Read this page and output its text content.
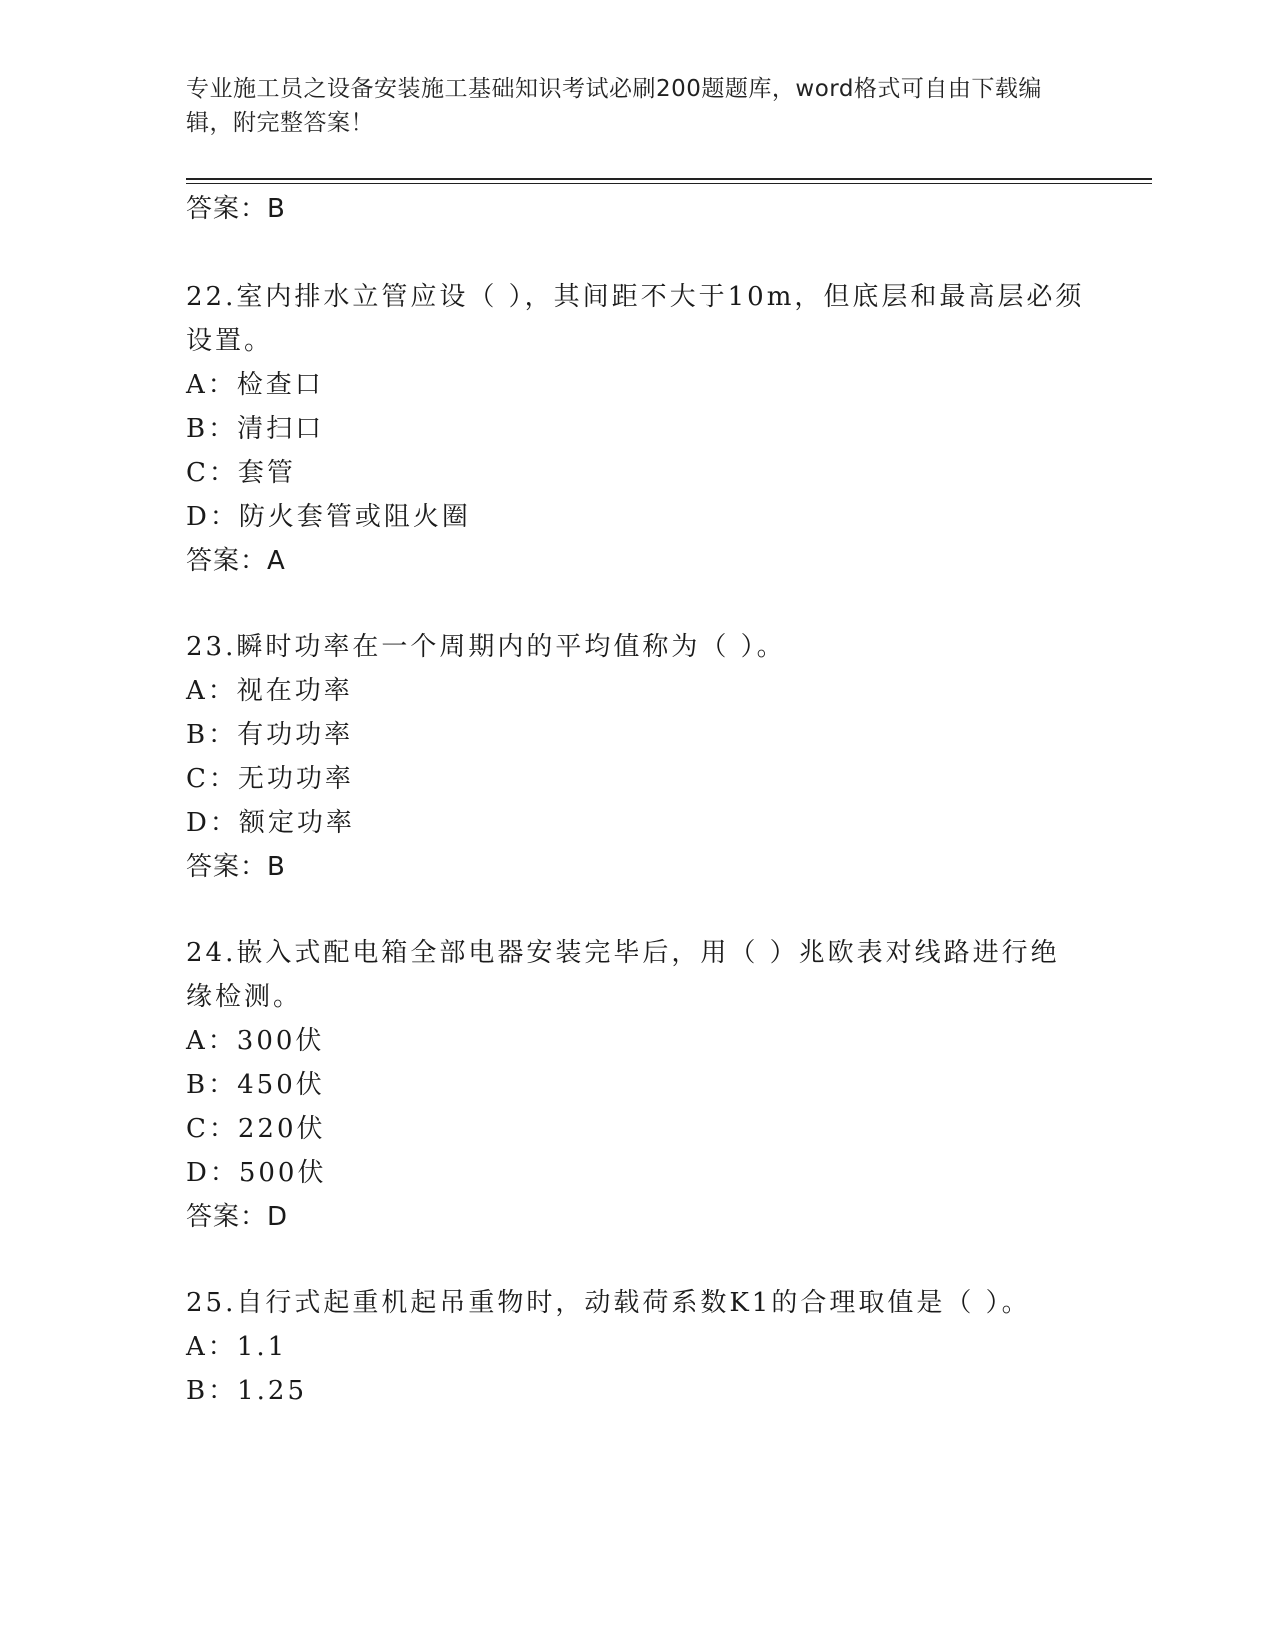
专业施工员之设备安装施工基础知识考试必刷200题题库，word格式可自由下载编辑，附完整答案！
答案：B
22.室内排水立管应设（ ），其间距不大于10m，但底层和最高层必须
设置。
A：检查口
B：清扫口
C：套管
D：防火套管或阻火圈
答案：A
23.瞬时功率在一个周期内的平均值称为（ ）。
A：视在功率
B：有功功率
C：无功功率
D：额定功率
答案：B
24.嵌入式配电箱全部电器安装完毕后，用（ ）兆欧表对线路进行绝
缘检测。
A：300伏
B：450伏
C：220伏
D：500伏
答案：D
25.自行式起重机起吊重物时，动载荷系数K1的合理取值是（ ）。
A：1.1
B：1.25
